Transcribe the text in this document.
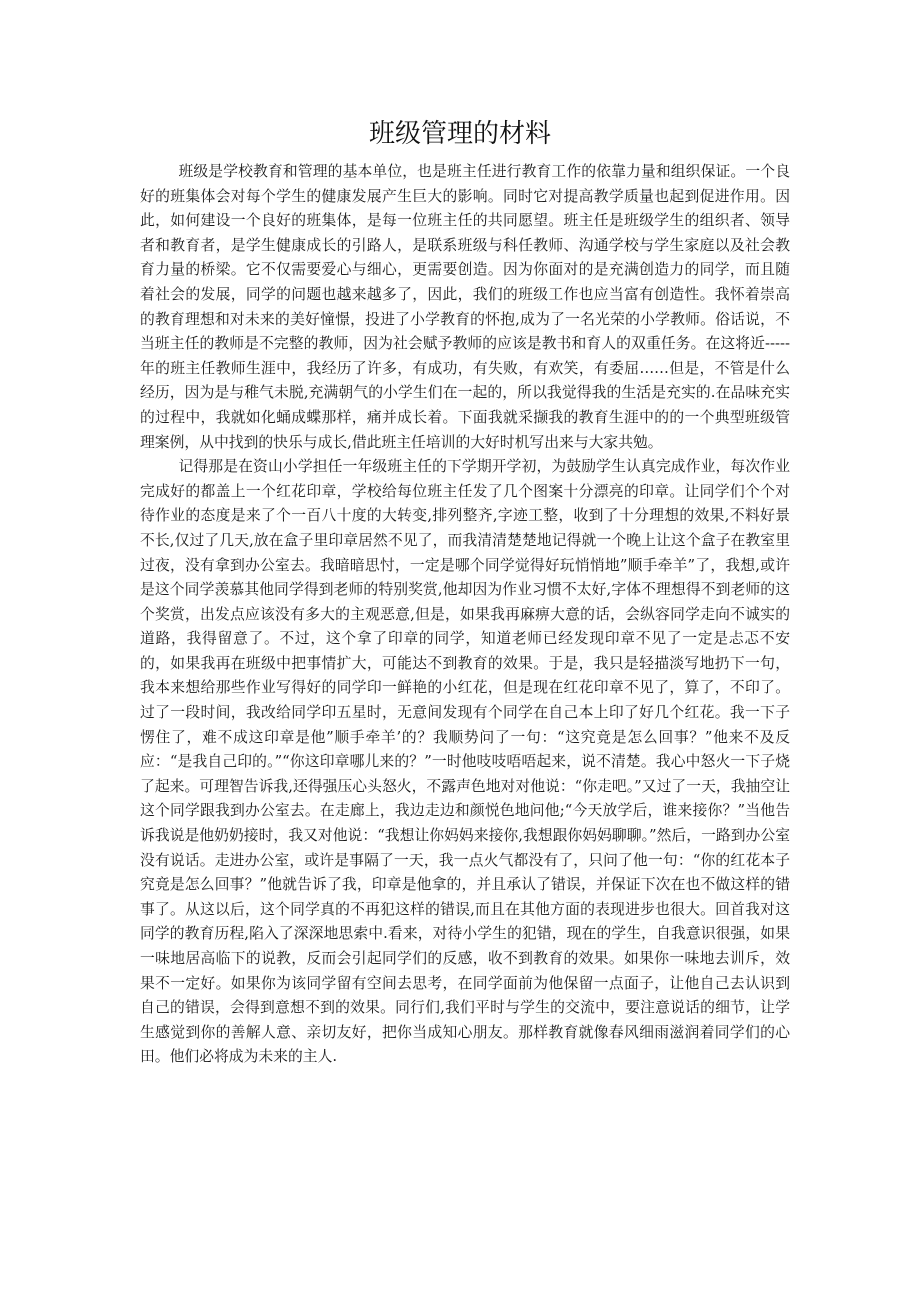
班级管理的材料

班级是学校教育和管理的基本单位，也是班主任进行教育工作的依靠力量和组织保证。一个良好的班集体会对每个学生的健康发展产生巨大的影响。同时它对提高教学质量也起到促进作用。因此，如何建设一个良好的班集体，是每一位班主任的共同愿望。班主任是班级学生的组织者、领导者和教育者，是学生健康成长的引路人，是联系班级与科任教师、沟通学校与学生家庭以及社会教育力量的桥梁。它不仅需要爱心与细心，更需要创造。因为你面对的是充满创造力的同学，而且随着社会的发展，同学的问题也越来越多了，因此，我们的班级工作也应当富有创造性。我怀着崇高的教育理想和对未来的美好憧憬，投进了小学教育的怀抱,成为了一名光荣的小学教师。俗话说，不当班主任的教师是不完整的教师，因为社会赋予教师的应该是教书和育人的双重任务。在这将近-----年的班主任教师生涯中，我经历了许多，有成功，有失败，有欢笑，有委屈……但是，不管是什么经历，因为是与稚气未脱,充满朝气的小学生们在一起的，所以我觉得我的生活是充实的.在品味充实的过程中，我就如化蛹成蝶那样，痛并成长着。下面我就采撷我的教育生涯中的的一个典型班级管理案例，从中找到的快乐与成长,借此班主任培训的大好时机写出来与大家共勉。

记得那是在资山小学担任一年级班主任的下学期开学初，为鼓励学生认真完成作业，每次作业完成好的都盖上一个红花印章，学校给每位班主任发了几个图案十分漂亮的印章。让同学们个个对待作业的态度是来了个一百八十度的大转变,排列整齐,字迹工整，收到了十分理想的效果,不料好景不长,仅过了几天,放在盒子里印章居然不见了，而我清清楚楚地记得就一个晚上让这个盒子在教室里过夜，没有拿到办公室去。我暗暗思忖，一定是哪个同学觉得好玩悄悄地”顺手牵羊”了，我想,或许是这个同学羡慕其他同学得到老师的特别奖赏,他却因为作业习惯不太好,字体不理想得不到老师的这个奖赏，出发点应该没有多大的主观恶意,但是，如果我再麻痹大意的话，会纵容同学走向不诚实的道路，我得留意了。不过，这个拿了印章的同学，知道老师已经发现印章不见了一定是忐忑不安的，如果我再在班级中把事情扩大，可能达不到教育的效果。于是，我只是轻描淡写地扔下一句，我本来想给那些作业写得好的同学印一鲜艳的小红花，但是现在红花印章不见了，算了，不印了。过了一段时间，我改给同学印五星时，无意间发现有个同学在自己本上印了好几个红花。我一下子愣住了，难不成这印章是他”顺手牵羊’的？我顺势问了一句：“这究竟是怎么回事？”他来不及反应：“是我自己印的。”“你这印章哪儿来的？”一时他吱吱唔唔起来，说不清楚。我心中怒火一下子烧了起来。可理智告诉我,还得强压心头怒火，不露声色地对对他说：“你走吧。”又过了一天，我抽空让这个同学跟我到办公室去。在走廊上，我边走边和颜悦色地问他;“今天放学后，谁来接你？”当他告诉我说是他奶奶接时，我又对他说：“我想让你妈妈来接你,我想跟你妈妈聊聊。”然后，一路到办公室没有说话。走进办公室，或许是事隔了一天，我一点火气都没有了，只问了他一句：“你的红花本子究竟是怎么回事？”他就告诉了我，印章是他拿的，并且承认了错误，并保证下次在也不做这样的错事了。从这以后，这个同学真的不再犯这样的错误,而且在其他方面的表现进步也很大。回首我对这同学的教育历程,陷入了深深地思索中.看来，对待小学生的犯错，现在的学生，自我意识很强，如果一味地居高临下的说教，反而会引起同学们的反感，收不到教育的效果。如果你一味地去训斥，效果不一定好。如果你为该同学留有空间去思考，在同学面前为他保留一点面子，让他自己去认识到自己的错误，会得到意想不到的效果。同行们,我们平时与学生的交流中，要注意说话的细节，让学生感觉到你的善解人意、亲切友好，把你当成知心朋友。那样教育就像春风细雨滋润着同学们的心田。他们必将成为未来的主人.
